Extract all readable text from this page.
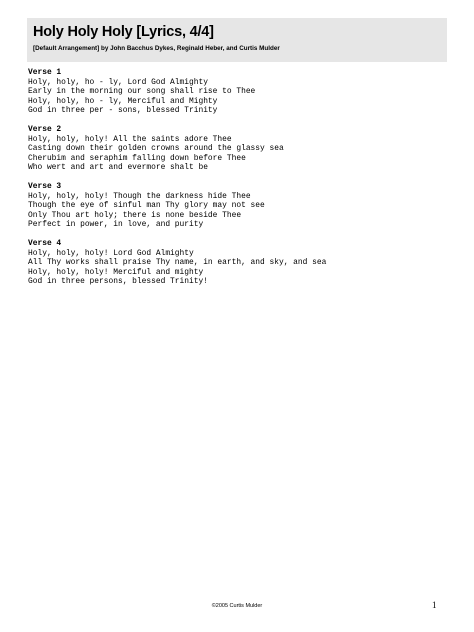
Holy Holy Holy [Lyrics, 4/4]
[Default Arrangement] by John Bacchus Dykes, Reginald Heber, and Curtis Mulder
Verse 1
Holy, holy, ho - ly, Lord God Almighty
Early in the morning our song shall rise to Thee
Holy, holy, ho - ly, Merciful and Mighty
God in three per - sons, blessed Trinity
Verse 2
Holy, holy, holy! All the saints adore Thee
Casting down their golden crowns around the glassy sea
Cherubim and seraphim falling down before Thee
Who wert and art and evermore shalt be
Verse 3
Holy, holy, holy! Though the darkness hide Thee
Though the eye of sinful man Thy glory may not see
Only Thou art holy; there is none beside Thee
Perfect in power, in love, and purity
Verse 4
Holy, holy, holy! Lord God Almighty
All Thy works shall praise Thy name, in earth, and sky, and sea
Holy, holy, holy! Merciful and mighty
God in three persons, blessed Trinity!
©2005 Curtis Mulder	1
